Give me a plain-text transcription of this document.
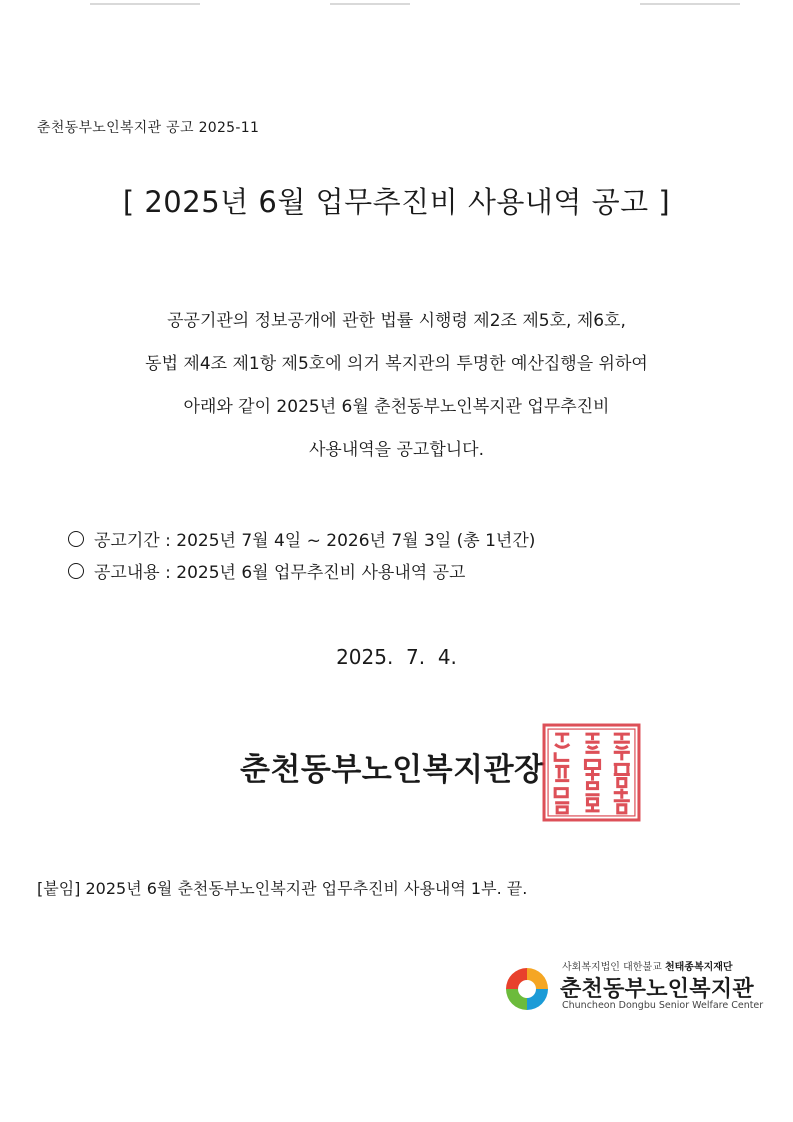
춘천동부노인복지관 공고 2025-11
[ 2025년 6월 업무추진비 사용내역 공고 ]
공공기관의 정보공개에 관한 법률 시행령 제2조 제5호, 제6호,
동법 제4조 제1항 제5호에 의거 복지관의 투명한 예산집행을 위하여
아래와 같이 2025년 6월 춘천동부노인복지관 업무추진비
사용내역을 공고합니다.
공고기간 : 2025년 7월 4일 ~ 2026년 7월 3일 (총 1년간)
공고내용 : 2025년 6월 업무추진비 사용내역 공고
2025.  7.  4.
춘천동부노인복지관장
[붙임] 2025년 6월 춘천동부노인복지관 업무추진비 사용내역 1부. 끝.
사회복지법인 대한불교 천태종복지재단
춘천동부노인복지관
Chuncheon Dongbu Senior Welfare Center
